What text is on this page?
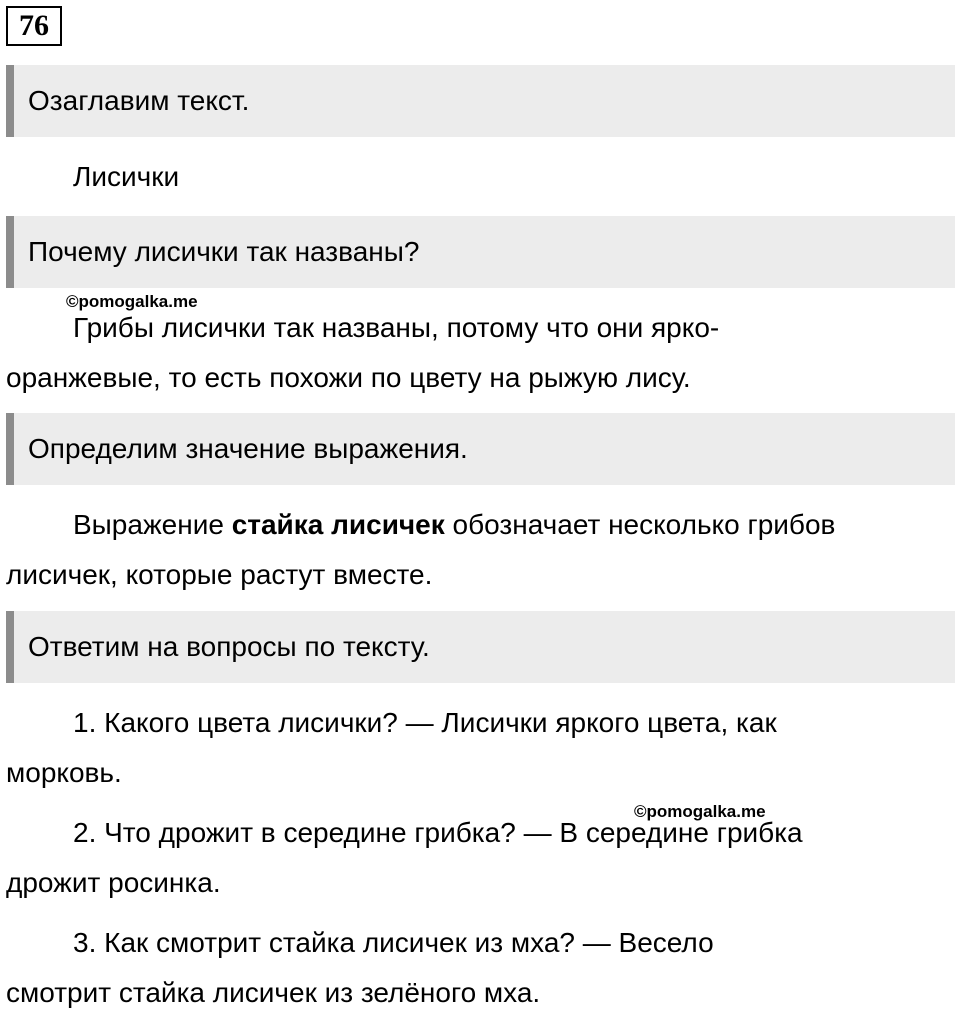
76
Озаглавим текст.

Лисички

Почему лисички так названы?
©pomogalka.me

Грибы лисички так названы, потому что они ярко-оранжевые, то есть похожи по цвету на рыжую лису.

Определим значение выражения.

Выражение стайка лисичек обозначает несколько грибов лисичек, которые растут вместе.

Ответим на вопросы по тексту.

1. Какого цвета лисички? — Лисички яркого цвета, как морковь.

©pomogalka.me

2. Что дрожит в середине грибка? — В середине грибка дрожит росинка.

3. Как смотрит стайка лисичек из мха? — Весело смотрит стайка лисичек из зелёного мха.
